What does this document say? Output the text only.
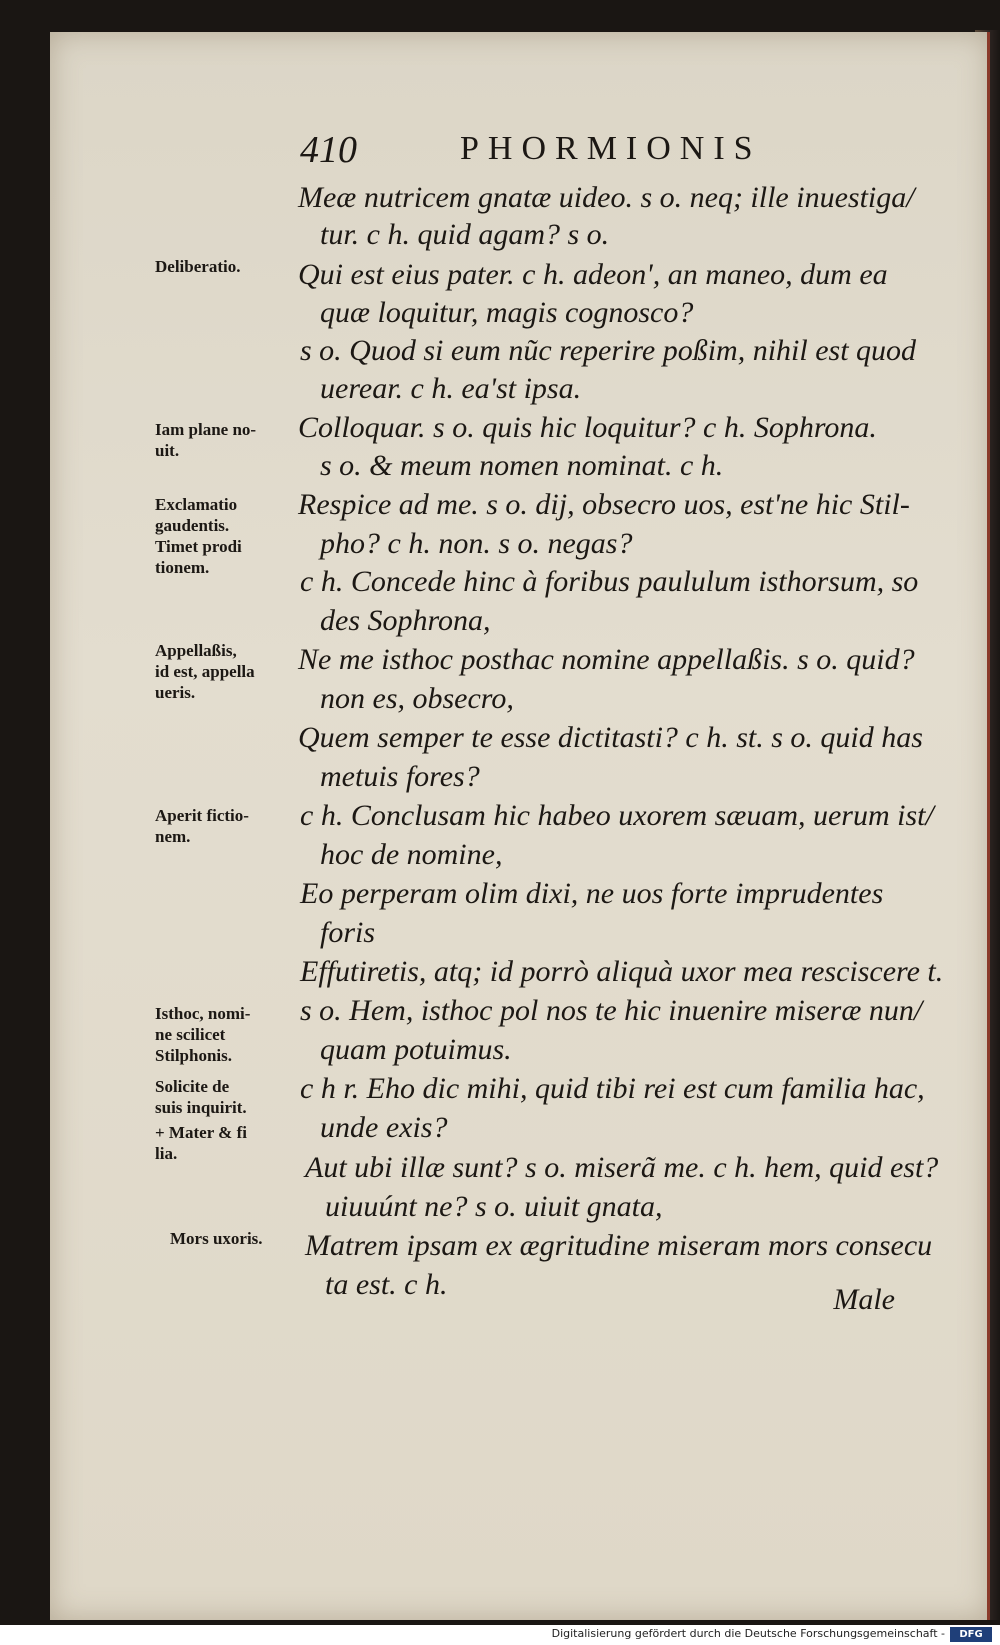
410	PHORMIONIS
Meæ nutricem gnatæ uideo. s o. neq; ille inuestiga/
tur. c h. quid agam? s o.
Qui est eius pater. c h. adeon', an maneo, dum ea
quæ loquitur, magis cognosco?
s o. Quod si eum nũc reperire poßim, nihil est quod
uerear. c h. ea'st ipsa.
Colloquar. s o. quis hic loquitur? c h. Sophrona.
s o. & meum nomen nominat. c h.
Respice ad me. s o. dij, obsecro uos, est'ne hic Stil-
pho? c h. non. s o. negas?
c h. Concede hinc à foribus paululum isthorsum, so
des Sophrona,
Ne me isthoc posthac nomine appellaßis. s o. quid?
non es, obsecro,
Quem semper te esse dictitasti? c h. st. s o. quid has
metuis fores?
c h. Conclusam hic habeo uxorem sæuam, uerum ist/
hoc de nomine,
Eo perperam olim dixi, ne uos forte imprudentes
foris
Effutiretis, atq; id porrò aliquà uxor mea resciscere t.
s o. Hem, isthoc pol nos te hic inuenire miseræ nun/
quam potuimus.
c h r. Eho dic mihi, quid tibi rei est cum familia hac,
unde exis?
Aut ubi illæ sunt? s o. miserã me. c h. hem, quid est?
uiuuúnt ne? s o. uiuit gnata,
Matrem ipsam ex ægritudine miseram mors consecu
ta est. c h.	Male
Deliberatio.
Iam plane no-
uit.
Exclamatio
gaudentis.
Timet prodi
tionem.
Appellaßis,
id est, appella
ueris.
Aperit fictio-
nem.
Isthoc, nomi-
ne scilicet
Stilphonis.
Solicite de
suis inquirit.
+ Mater & fi
lia.
Mors uxoris.
Digitalisierung gefördert durch die Deutsche Forschungsgemeinschaft -	DFG
